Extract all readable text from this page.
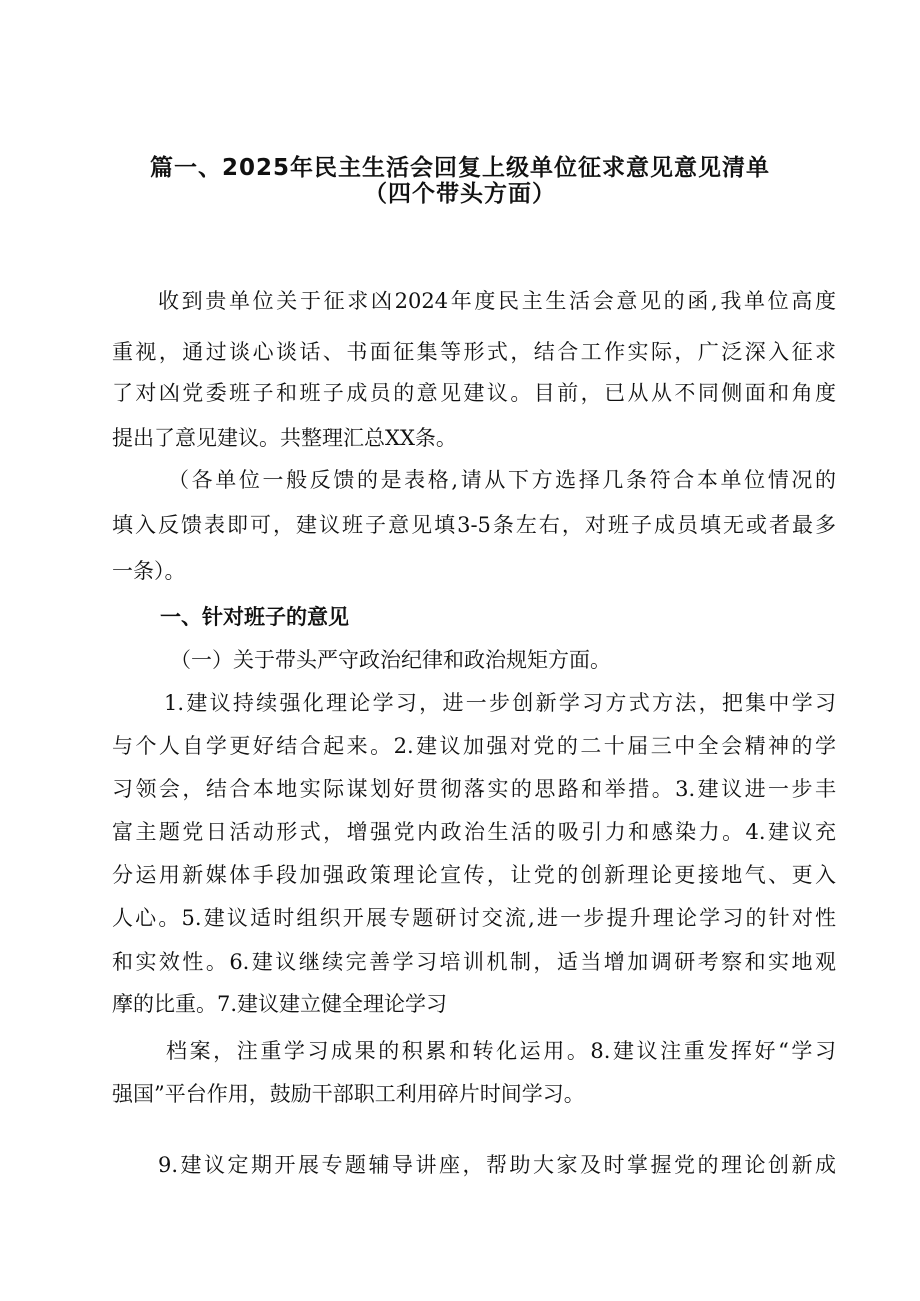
篇一、2025年民主生活会回复上级单位征求意见意见清单
（四个带头方面）
收到贵单位关于征求凶2024年度民主生活会意见的函,我单位高度
重视，通过谈心谈话、书面征集等形式，结合工作实际，广泛深入征求
了对凶党委班子和班子成员的意见建议。目前，已从从不同侧面和角度
提出了意见建议。共整理汇总XX条。
（各单位一般反馈的是表格,请从下方选择几条符合本单位情况的
填入反馈表即可，建议班子意见填3-5条左右，对班子成员填无或者最多
一条）。
一、针对班子的意见
（一）关于带头严守政治纪律和政治规矩方面。
1.建议持续强化理论学习，进一步创新学习方式方法，把集中学习
与个人自学更好结合起来。2.建议加强对党的二十届三中全会精神的学
习领会，结合本地实际谋划好贯彻落实的思路和举措。3.建议进一步丰
富主题党日活动形式，增强党内政治生活的吸引力和感染力。4.建议充
分运用新媒体手段加强政策理论宣传，让党的创新理论更接地气、更入
人心。5.建议适时组织开展专题研讨交流,进一步提升理论学习的针对性
和实效性。6.建议继续完善学习培训机制，适当增加调研考察和实地观
摩的比重。7.建议建立健全理论学习
档案，注重学习成果的积累和转化运用。8.建议注重发挥好“学习
强国”平台作用，鼓励干部职工利用碎片时间学习。
9.建议定期开展专题辅导讲座，帮助大家及时掌握党的理论创新成
